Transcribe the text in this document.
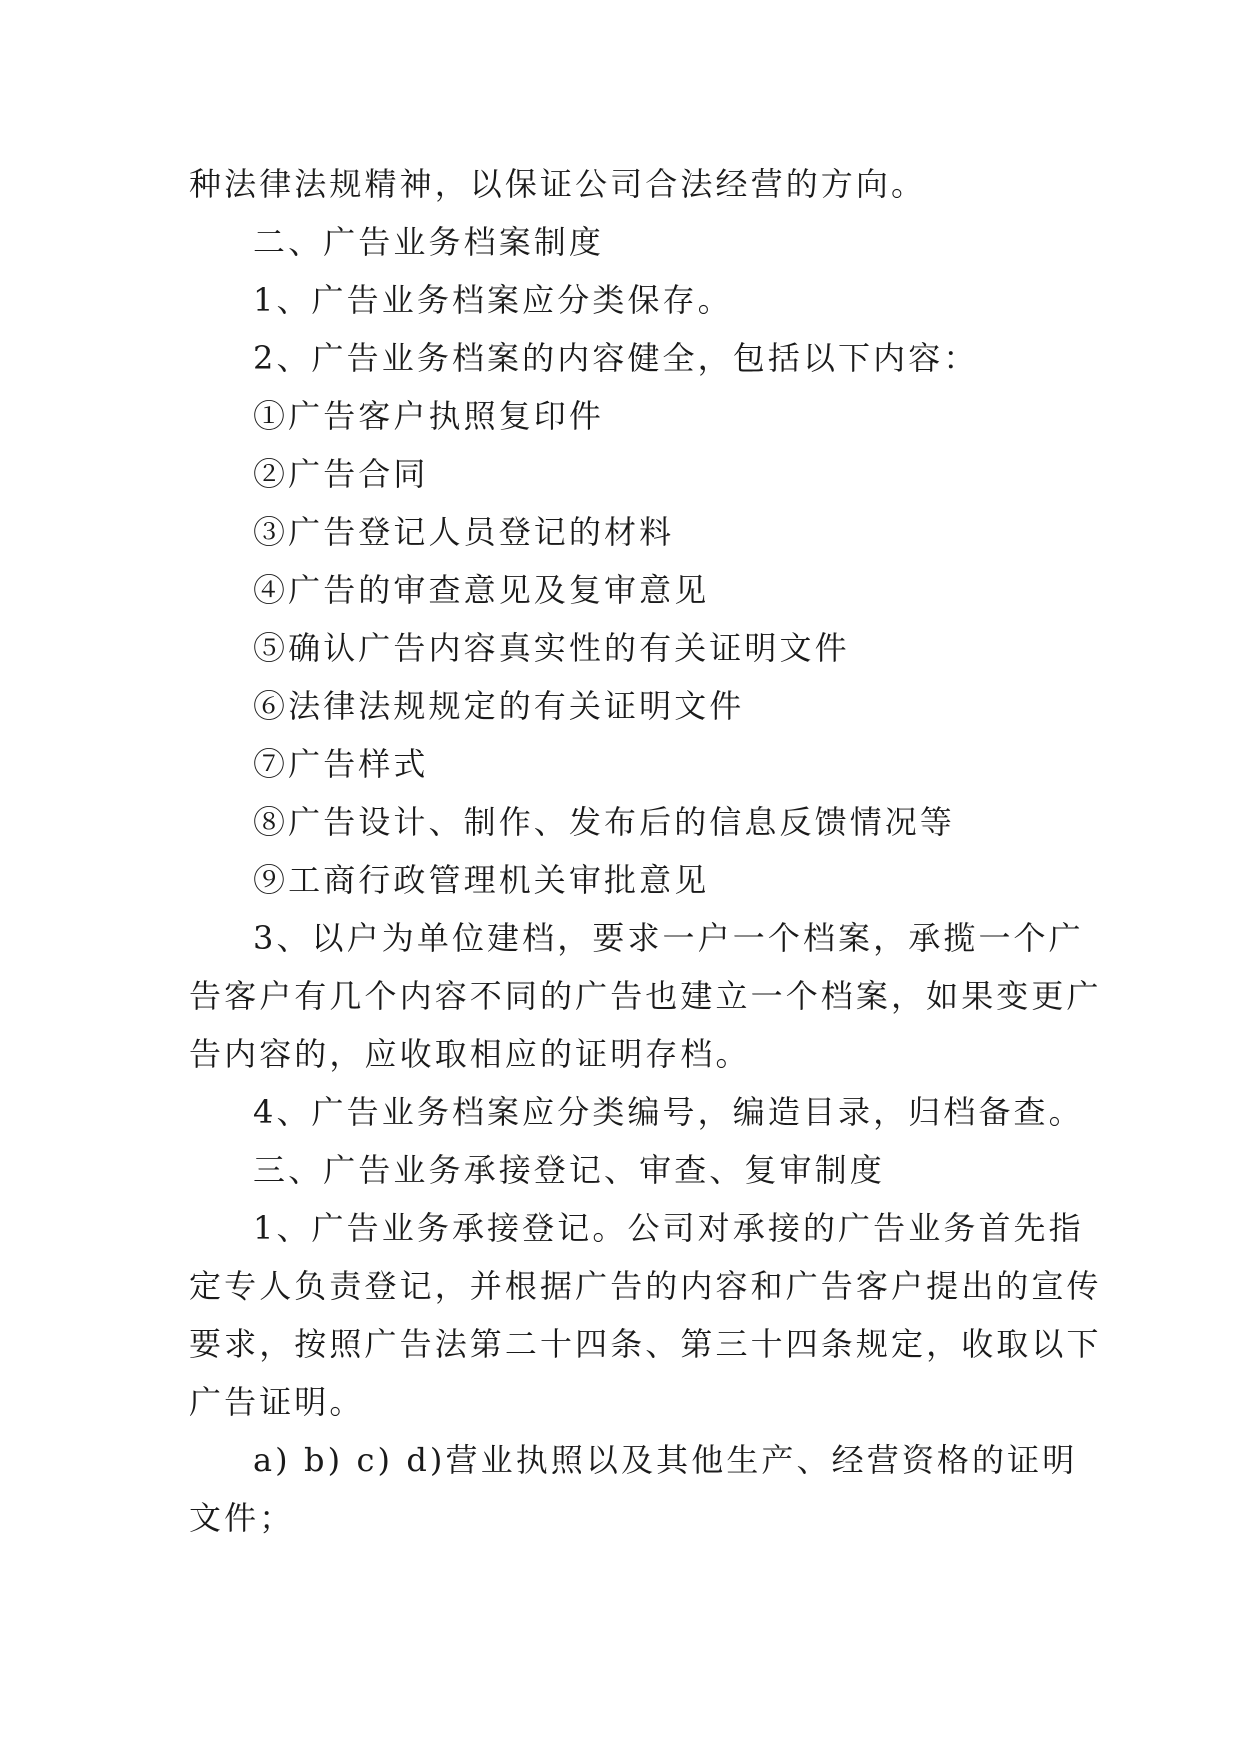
种法律法规精神，以保证公司合法经营的方向。

二、广告业务档案制度

1、广告业务档案应分类保存。

2、广告业务档案的内容健全，包括以下内容：

①广告客户执照复印件

②广告合同

③广告登记人员登记的材料

④广告的审查意见及复审意见

⑤确认广告内容真实性的有关证明文件

⑥法律法规规定的有关证明文件

⑦广告样式

⑧广告设计、制作、发布后的信息反馈情况等

⑨工商行政管理机关审批意见

3、以户为单位建档，要求一户一个档案，承揽一个广

告客户有几个内容不同的广告也建立一个档案，如果变更广

告内容的，应收取相应的证明存档。

4、广告业务档案应分类编号，编造目录，归档备查。

三、广告业务承接登记、审查、复审制度

1、广告业务承接登记。公司对承接的广告业务首先指

定专人负责登记，并根据广告的内容和广告客户提出的宣传

要求，按照广告法第二十四条、第三十四条规定，收取以下

广告证明。

a) b) c) d)营业执照以及其他生产、经营资格的证明

文件；
